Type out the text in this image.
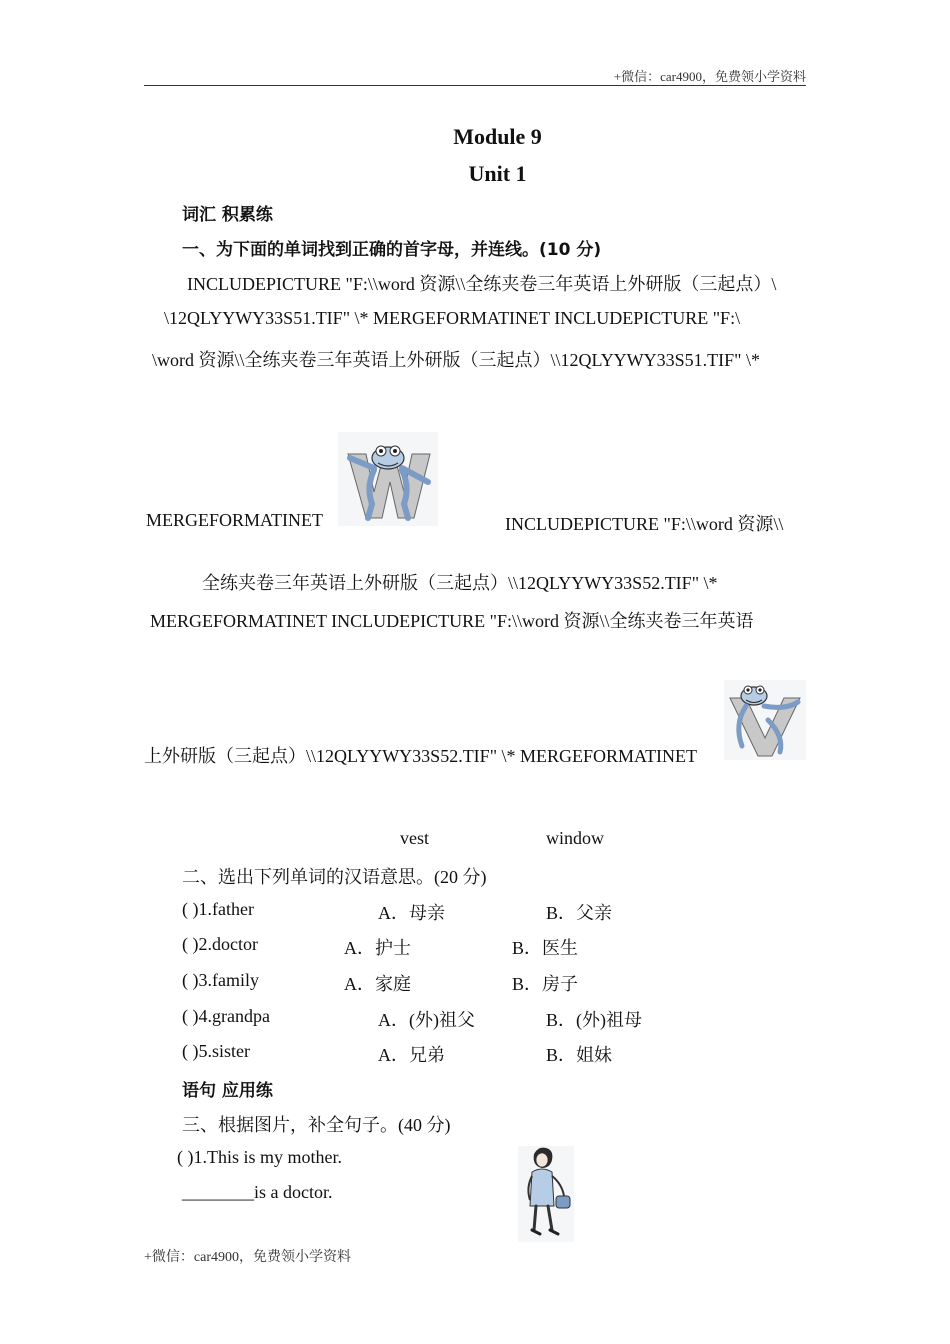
+微信：car4900，免费领小学资料
Module 9
Unit 1
词汇 积累练
一、为下面的单词找到正确的首字母，并连线。(10 分)
INCLUDEPICTURE "F:\\word 资源\\全练夹卷三年英语上外研版（三起点）\
\12QLYYWY33S51.TIF" \* MERGEFORMATINET INCLUDEPICTURE "F:\
\word 资源\\全练夹卷三年英语上外研版（三起点）\\12QLYYWY33S51.TIF" \*
MERGEFORMATINET	INCLUDEPICTURE "F:\\word 资源\\
全练夹卷三年英语上外研版（三起点）\\12QLYYWY33S52.TIF" \*
MERGEFORMATINET INCLUDEPICTURE "F:\\word 资源\\全练夹卷三年英语
上外研版（三起点）\\12QLYYWY33S52.TIF" \* MERGEFORMATINET
vest	window
二、选出下列单词的汉语意思。(20 分)
( )1.father	A．母亲	B．父亲
( )2.doctor	A．护士	B．医生
( )3.family	A．家庭	B．房子
( )4.grandpa	A．(外)祖父	B．(外)祖母
( )5.sister	A．兄弟	B．姐妹
语句 应用练
三、根据图片，补全句子。(40 分)
( )1.This is my mother.
________is a doctor.
+微信：car4900，免费领小学资料
